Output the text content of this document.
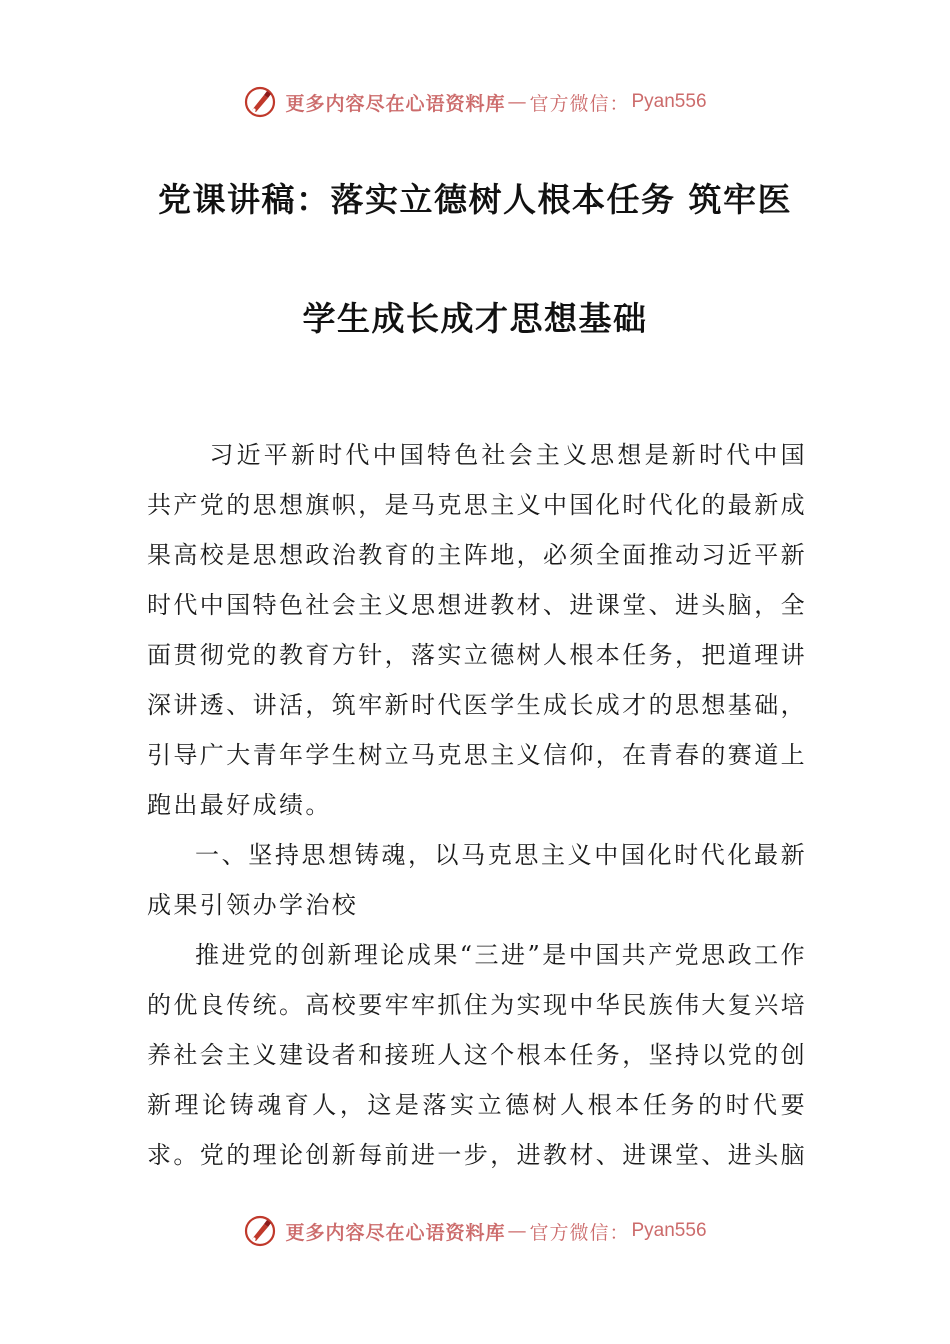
更多内容尽在心语资料库 — 官方微信： Pyan556
党课讲稿：落实立德树人根本任务 筑牢医
学生成长成才思想基础

习近平新时代中国特色社会主义思想是新时代中国共产党的思想旗帜，是马克思主义中国化时代化的最新成果高校是思想政治教育的主阵地，必须全面推动习近平新时代中国特色社会主义思想进教材、进课堂、进头脑，全面贯彻党的教育方针，落实立德树人根本任务，把道理讲深讲透、讲活，筑牢新时代医学生成长成才的思想基础，引导广大青年学生树立马克思主义信仰，在青春的赛道上跑出最好成绩。

一、坚持思想铸魂，以马克思主义中国化时代化最新成果引领办学治校

推进党的创新理论成果“三进”是中国共产党思政工作的优良传统。高校要牢牢抓住为实现中华民族伟大复兴培养社会主义建设者和接班人这个根本任务，坚持以党的创新理论铸魂育人，这是落实立德树人根本任务的时代要求。党的理论创新每前进一步，进教材、进课堂、进头脑

更多内容尽在心语资料库 — 官方微信： Pyan556
